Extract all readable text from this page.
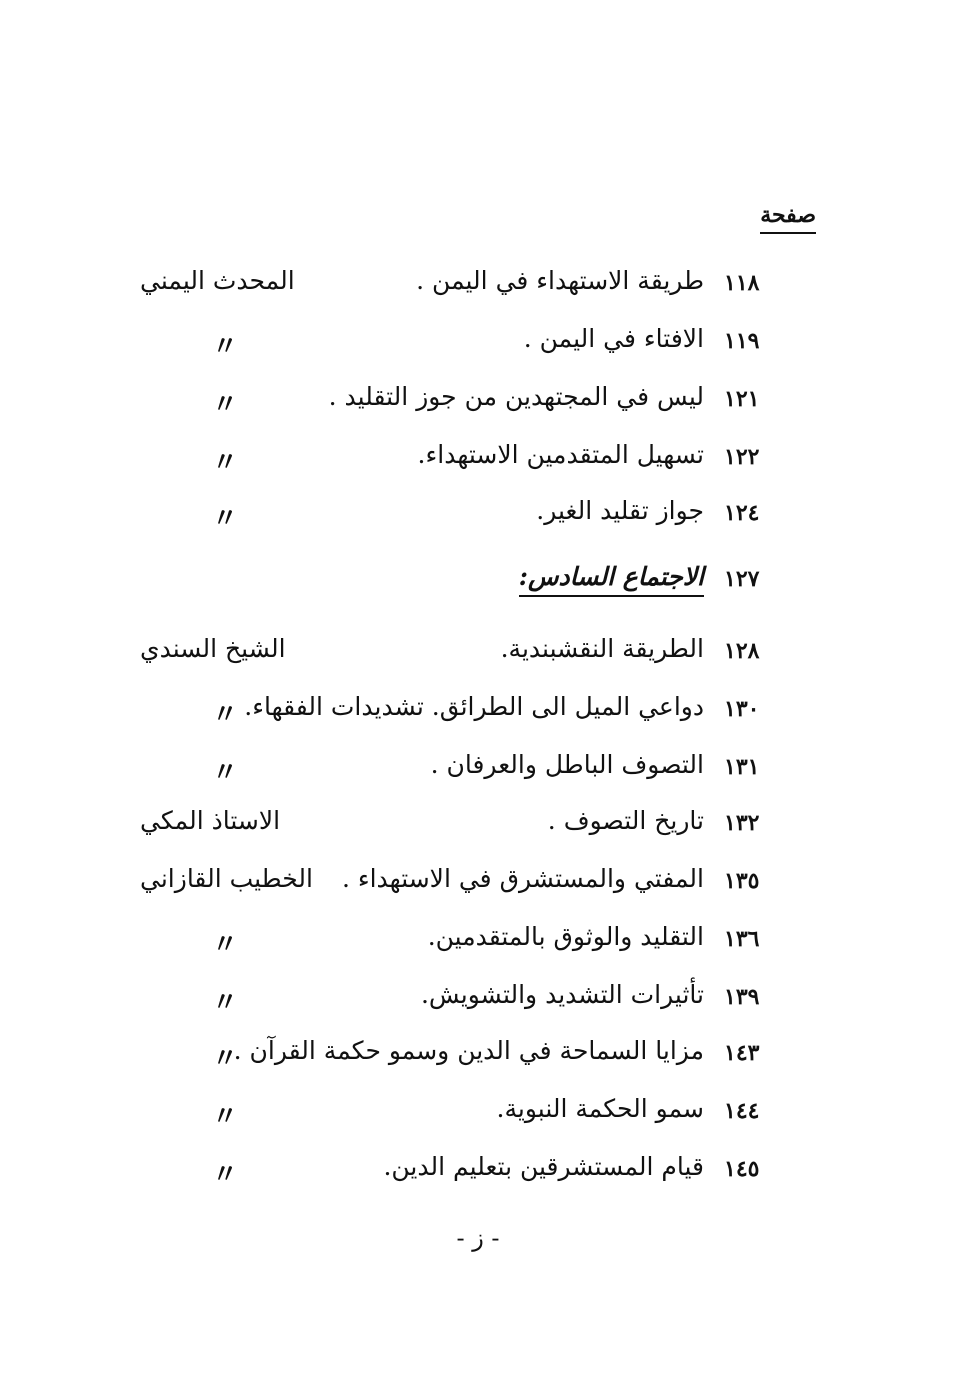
صفحة
١١٨
طريقة الاستهداء في اليمن .
المحدث اليمني
١١٩
الافتاء في اليمن .
〃
١٢١
ليس في المجتهدين من جوز التقليد .
〃
١٢٢
تسهيل المتقدمين الاستهداء.
〃
١٢٤
جواز تقليد الغير.
〃
١٢٧
الاجتماع السادس:
١٢٨
الطريقة النقشبندية.
الشيخ السندي
١٣٠
دواعي الميل الى الطرائق. تشديدات الفقهاء.
〃
١٣١
التصوف الباطل والعرفان .
〃
١٣٢
تاريخ التصوف .
الاستاذ المكي
١٣٥
المفتي والمستشرق في الاستهداء .
الخطيب القازاني
١٣٦
التقليد والوثوق بالمتقدمين.
〃
١٣٩
تأثيرات التشديد والتشويش.
〃
١٤٣
مزايا السماحة في الدين وسمو حكمة القرآن .
〃
١٤٤
سمو الحكمة النبوية.
〃
١٤٥
قيام المستشرقين بتعليم الدين.
〃
- ز -
